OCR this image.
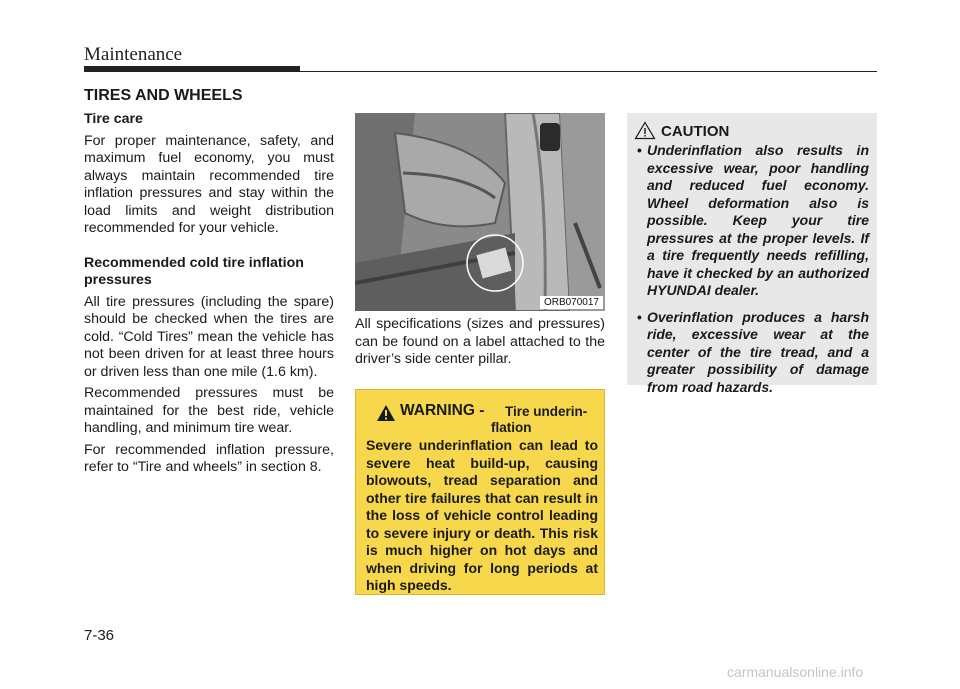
Maintenance
TIRES AND WHEELS

Tire care

For proper maintenance, safety, and maximum fuel economy, you must always maintain recommended tire inflation pressures and stay within the load limits and weight distribution recommended for your vehicle.

Recommended cold tire inflation

pressures

All tire pressures (including the spare) should be checked when the tires are cold. “Cold Tires” mean the vehicle has not been driven for at least three hours or driven less than one mile (1.6 km).

Recommended pressures must be maintained for the best ride, vehicle handling, and minimum tire wear.

For recommended inflation pressure, refer to “Tire and wheels” in section 8.

ORB070017

All specifications (sizes and pressures) can be found on a label attached to the driver’s side center pillar.

WARNING - Tire underin-
flation

Severe underinflation can lead to severe heat build-up, causing blowouts, tread separation and other tire failures that can result in the loss of vehicle control leading to severe injury or death. This risk is much higher on hot days and when driving for long periods at high speeds.

CAUTION
• Underinflation also results in excessive wear, poor handling and reduced fuel economy. Wheel deformation also is possible. Keep your tire pressures at the proper levels. If a tire frequently needs refilling, have it checked by an authorized HYUNDAI dealer.
• Overinflation produces a harsh ride, excessive wear at the center of the tire tread, and a greater possibility of damage from road hazards.
7-36
carmanualsonline.info
